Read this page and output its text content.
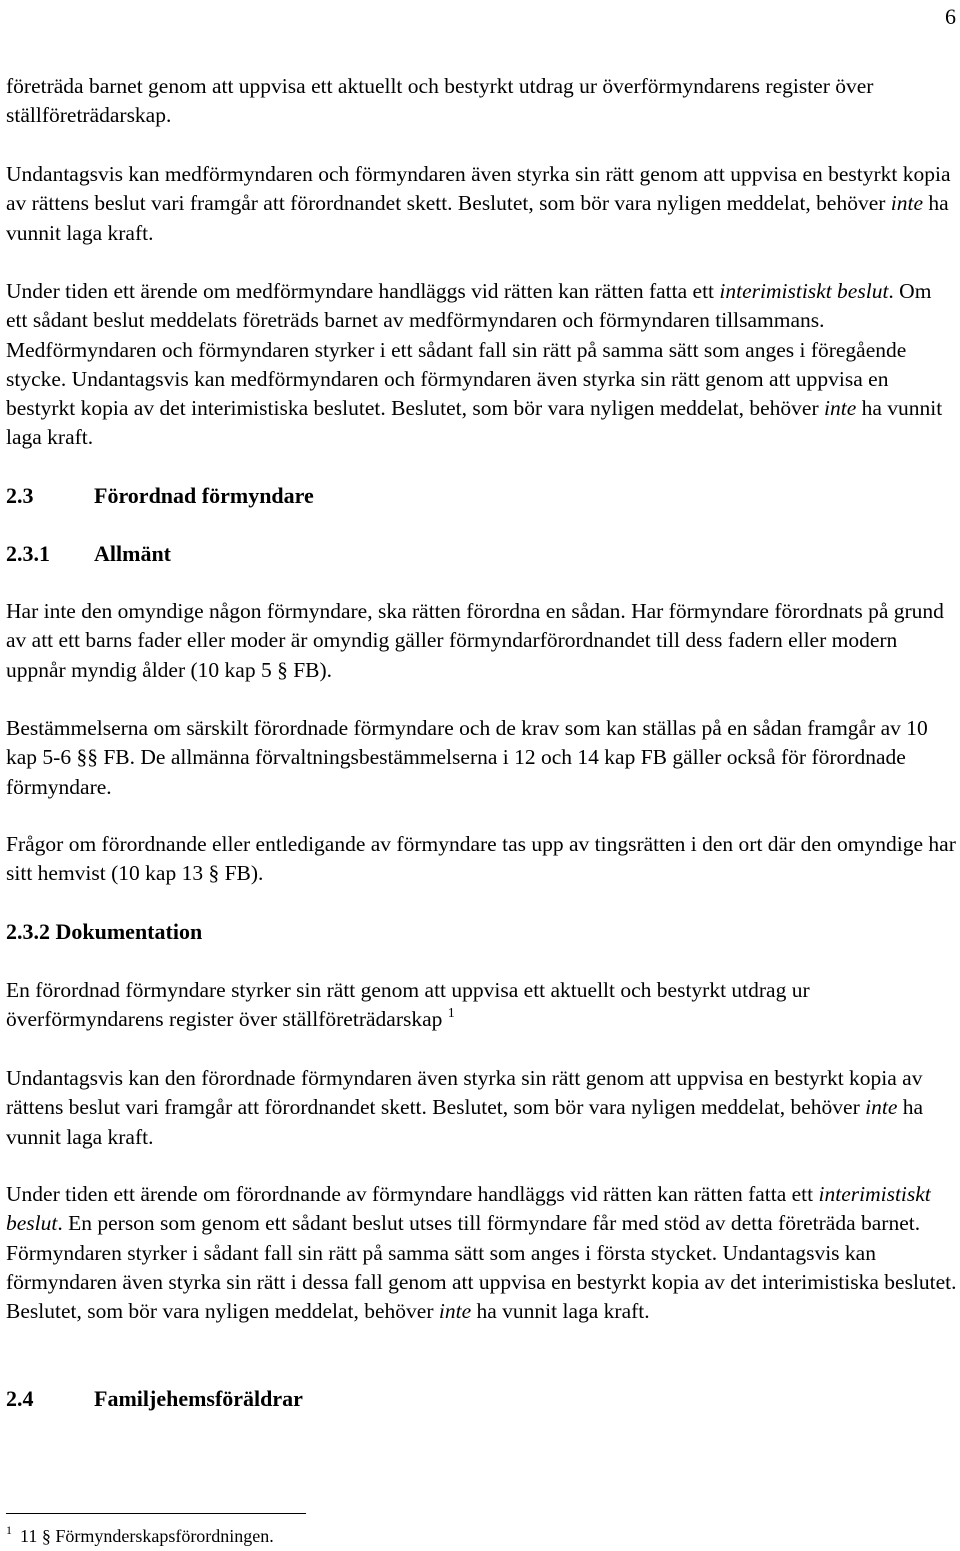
6

företräda barnet genom att uppvisa ett aktuellt och bestyrkt utdrag ur överförmyndarens register över ställföreträdarskap.

Undantagsvis kan medförmyndaren och förmyndaren även styrka sin rätt genom att uppvisa en bestyrkt kopia av rättens beslut vari framgår att förordnandet skett. Beslutet, som bör vara nyligen meddelat, behöver inte ha vunnit laga kraft.

Under tiden ett ärende om medförmyndare handläggs vid rätten kan rätten fatta ett interimistiskt beslut. Om ett sådant beslut meddelats företräds barnet av medförmyndaren och förmyndaren tillsammans. Medförmyndaren och förmyndaren styrker i ett sådant fall sin rätt på samma sätt som anges i föregående stycke. Undantagsvis kan medförmyndaren och förmyndaren även styrka sin rätt genom att uppvisa en bestyrkt kopia av det interimistiska beslutet. Beslutet, som bör vara nyligen meddelat, behöver inte ha vunnit laga kraft.

2.3	Förordnad förmyndare
2.3.1 Allmänt

Har inte den omyndige någon förmyndare, ska rätten förordna en sådan. Har förmyndare förordnats på grund av att ett barns fader eller moder är omyndig gäller förmyndarförordnandet till dess fadern eller modern uppnår myndig ålder (10 kap 5 § FB).

Bestämmelserna om särskilt förordnade förmyndare och de krav som kan ställas på en sådan framgår av 10 kap 5-6 §§ FB. De allmänna förvaltningsbestämmelserna i 12 och 14 kap FB gäller också för förordnade förmyndare.

Frågor om förordnande eller entledigande av förmyndare tas upp av tingsrätten i den ort där den omyndige har sitt hemvist (10 kap 13 § FB).

2.3.2 Dokumentation

En förordnad förmyndare styrker sin rätt genom att uppvisa ett aktuellt och bestyrkt utdrag ur överförmyndarens register över ställföreträdarskap $^1$

Undantagsvis kan den förordnade förmyndaren även styrka sin rätt genom att uppvisa en bestyrkt kopia av rättens beslut vari framgår att förordnandet skett. Beslutet, som bör vara nyligen meddelat, behöver inte ha vunnit laga kraft.

Under tiden ett ärende om förordnande av förmyndare handläggs vid rätten kan rätten fatta ett interimistiskt beslut. En person som genom ett sådant beslut utses till förmyndare får med stöd av detta företräda barnet. Förmyndaren styrker i sådant fall sin rätt på samma sätt som anges i första stycket. Undantagsvis kan förmyndaren även styrka sin rätt i dessa fall genom att uppvisa en bestyrkt kopia av det interimistiska beslutet. Beslutet, som bör vara nyligen meddelat, behöver inte ha vunnit laga kraft.

2.4	Familjehemsföräldrar
$^1$ 11 § Förmynderskapsförordningen.
